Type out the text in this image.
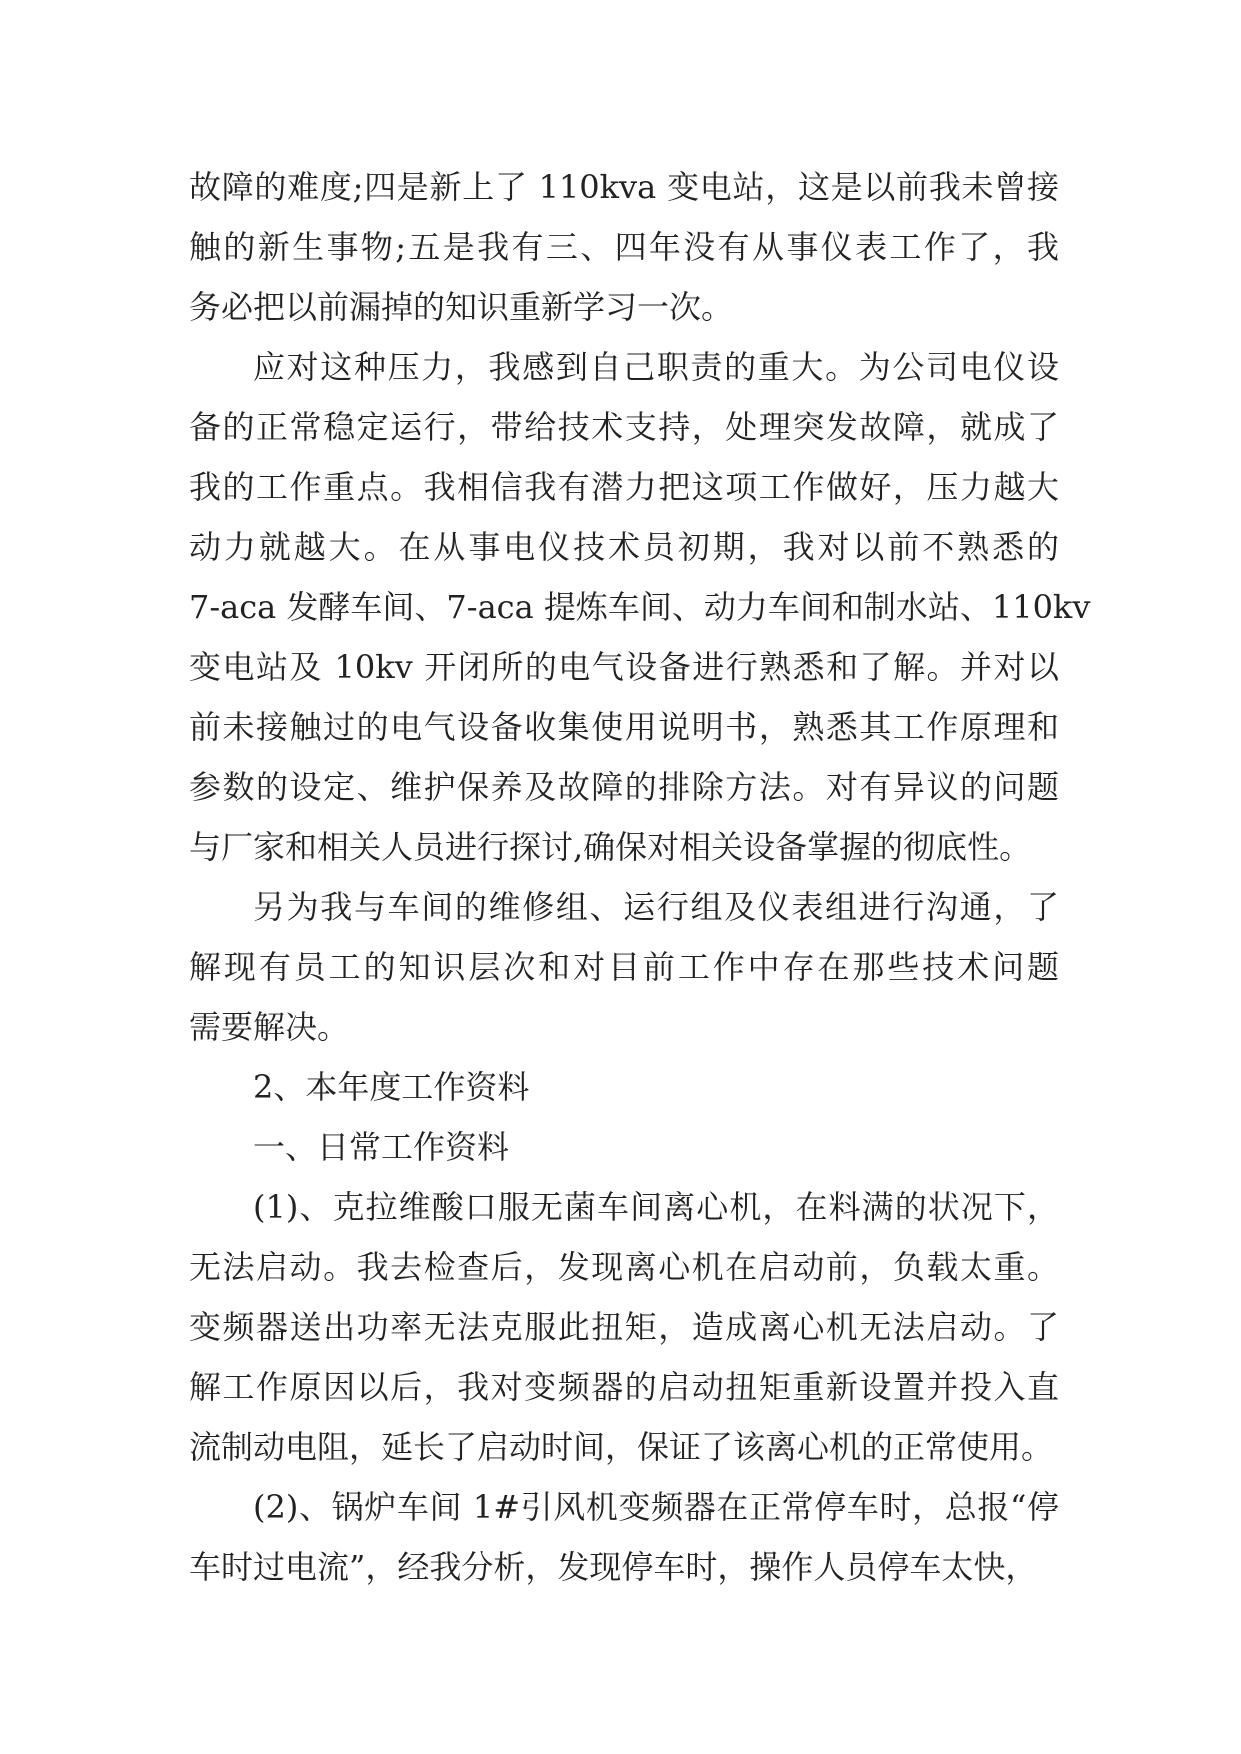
故障的难度;四是新上了 110kva 变电站，这是以前我未曾接
触的新生事物;五是我有三、四年没有从事仪表工作了，我
务必把以前漏掉的知识重新学习一次。
应对这种压力，我感到自己职责的重大。为公司电仪设
备的正常稳定运行，带给技术支持，处理突发故障，就成了
我的工作重点。我相信我有潜力把这项工作做好，压力越大
动力就越大。在从事电仪技术员初期，我对以前不熟悉的
7-aca 发酵车间、7-aca 提炼车间、动力车间和制水站、110kv
变电站及 10kv 开闭所的电气设备进行熟悉和了解。并对以
前未接触过的电气设备收集使用说明书，熟悉其工作原理和
参数的设定、维护保养及故障的排除方法。对有异议的问题
与厂家和相关人员进行探讨,确保对相关设备掌握的彻底性。
另为我与车间的维修组、运行组及仪表组进行沟通，了
解现有员工的知识层次和对目前工作中存在那些技术问题
需要解决。
2、本年度工作资料
一、日常工作资料
(1)、克拉维酸口服无菌车间离心机，在料满的状况下，
无法启动。我去检查后，发现离心机在启动前，负载太重。
变频器送出功率无法克服此扭矩，造成离心机无法启动。了
解工作原因以后，我对变频器的启动扭矩重新设置并投入直
流制动电阻，延长了启动时间，保证了该离心机的正常使用。
(2)、锅炉车间 1#引风机变频器在正常停车时，总报“停
车时过电流”，经我分析，发现停车时，操作人员停车太快，
